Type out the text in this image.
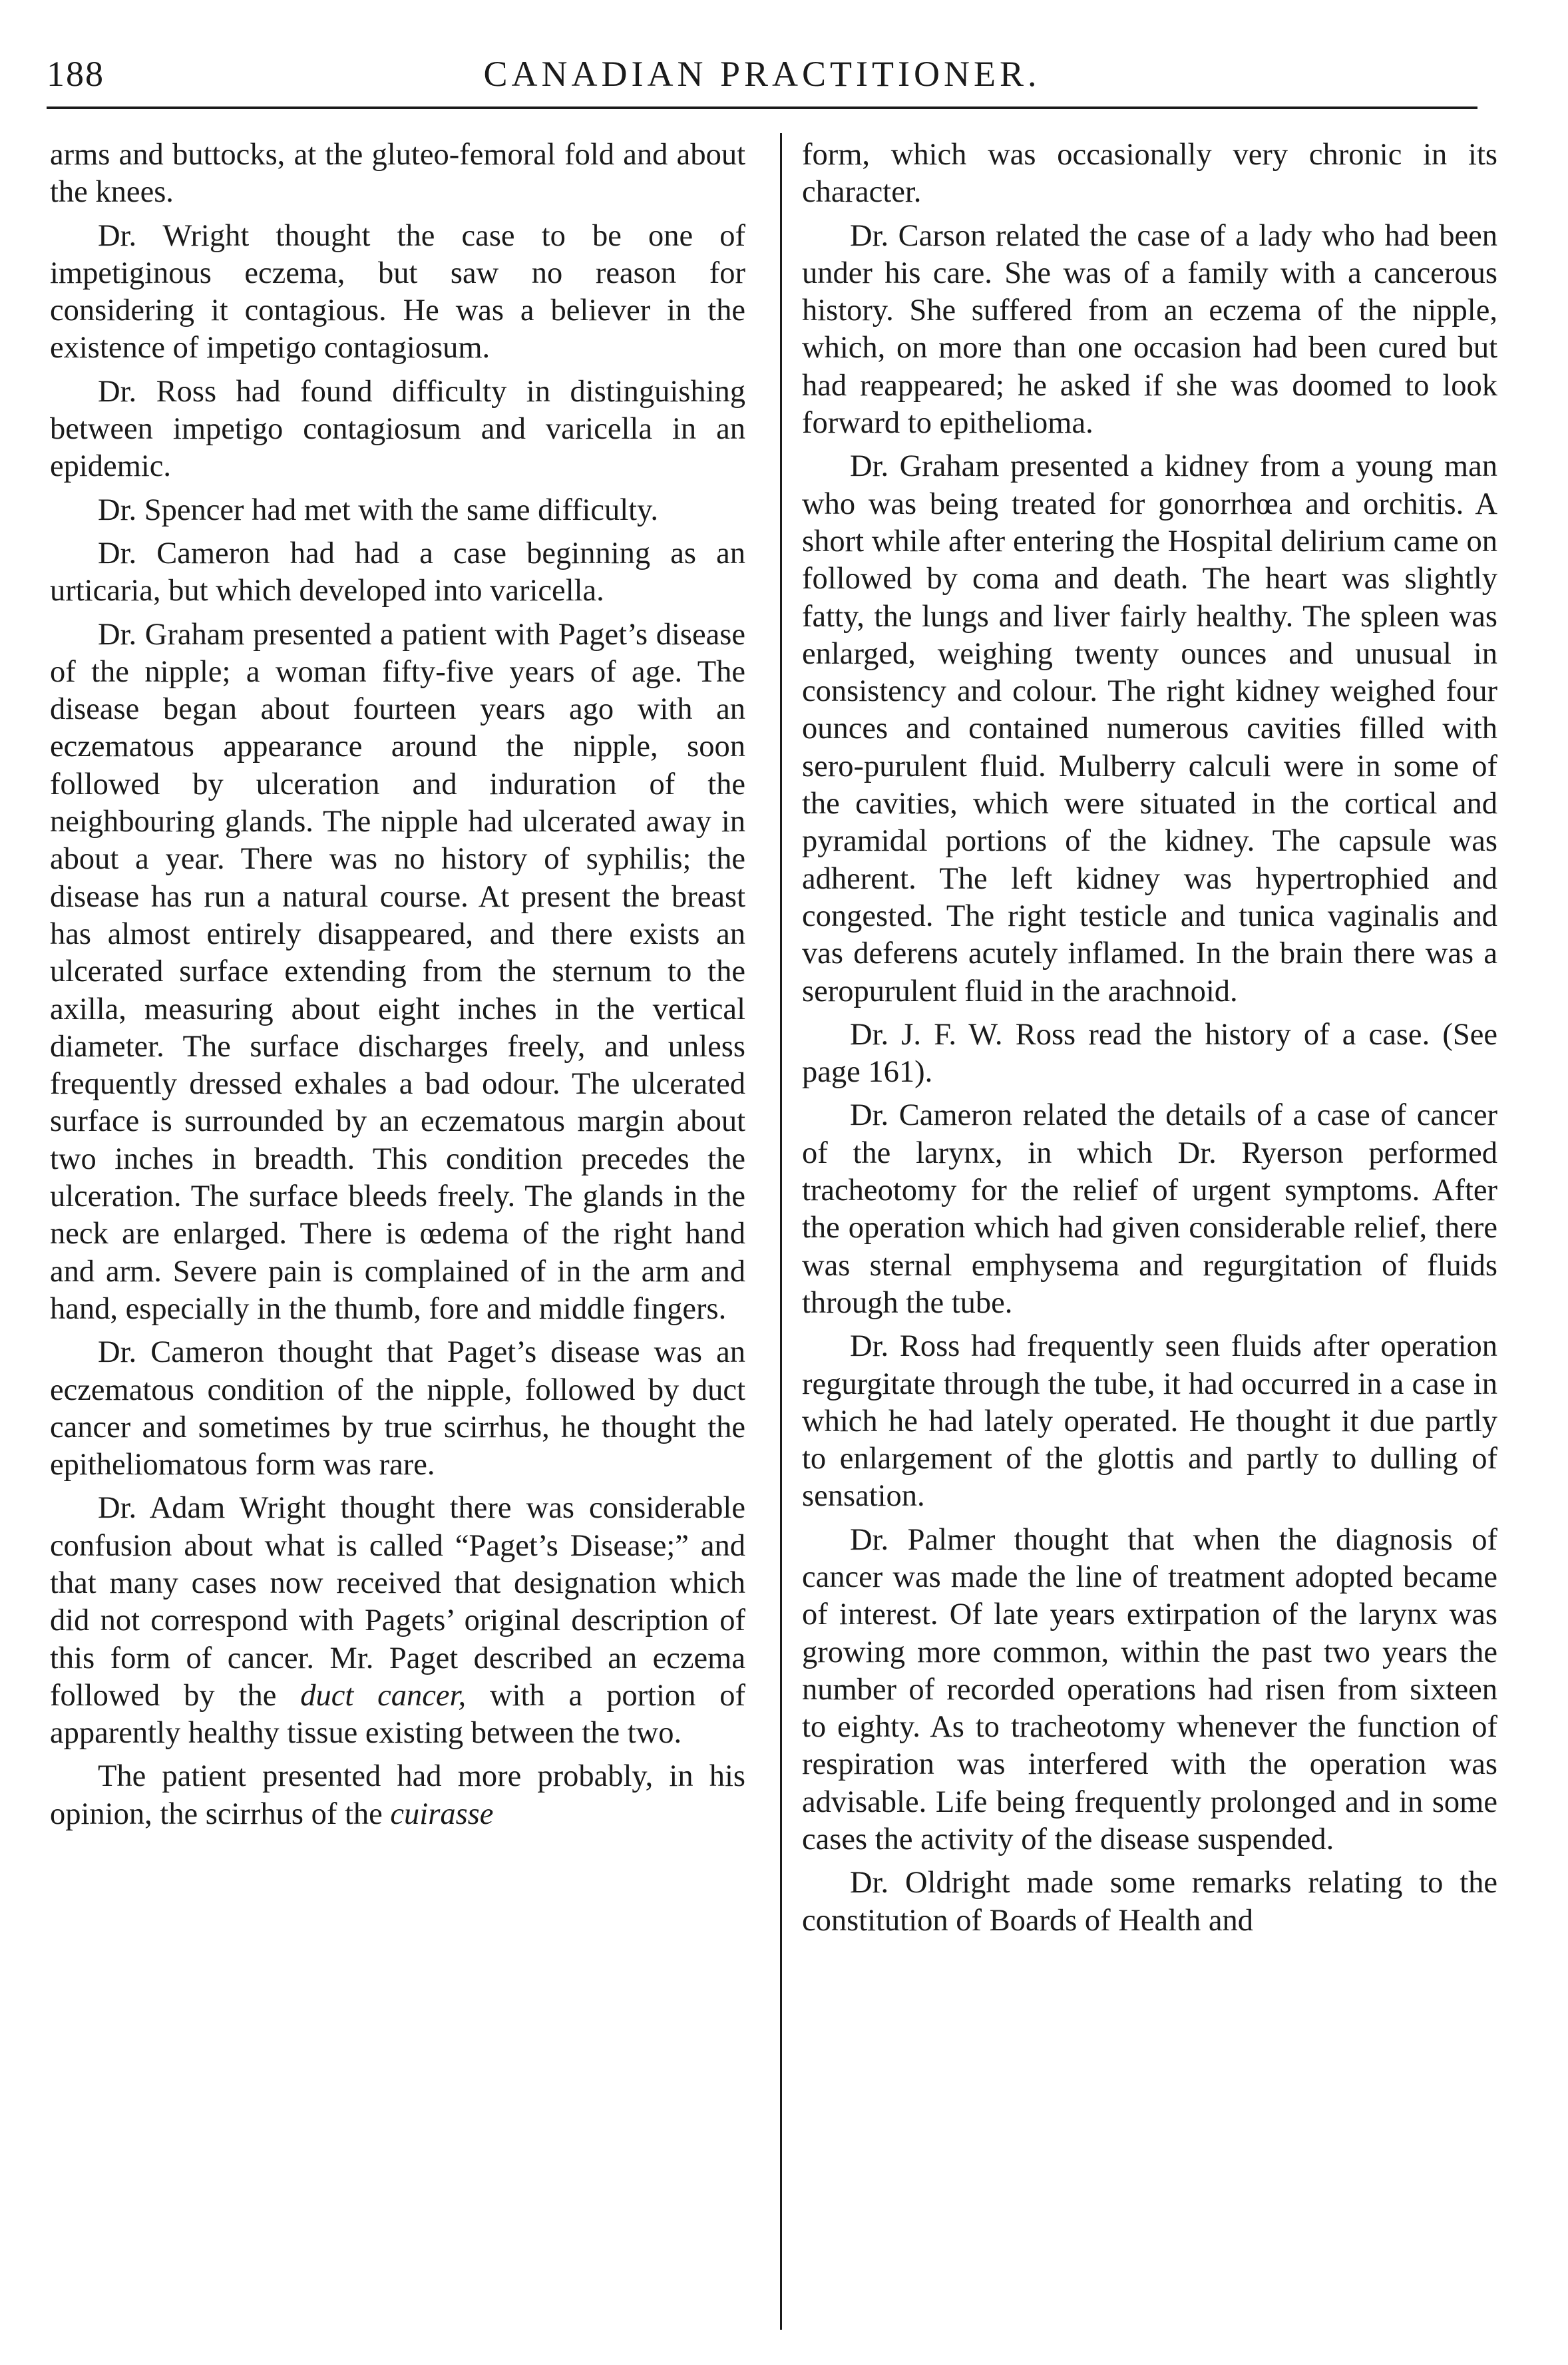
188	CANADIAN PRACTITIONER.

arms and buttocks, at the gluteo-femoral fold and about the knees.

Dr. Wright thought the case to be one of impetiginous eczema, but saw no reason for considering it contagious. He was a believer in the existence of impetigo contagiosum.

Dr. Ross had found difficulty in distinguishing between impetigo contagiosum and varicella in an epidemic.

Dr. Spencer had met with the same difficulty.

Dr. Cameron had had a case beginning as an urticaria, but which developed into varicella.

Dr. Graham presented a patient with Paget’s disease of the nipple; a woman fifty-five years of age. The disease began about fourteen years ago with an eczematous appearance around the nipple, soon followed by ulceration and induration of the neighbouring glands. The nipple had ulcerated away in about a year. There was no history of syphilis; the disease has run a natural course. At present the breast has almost entirely disappeared, and there exists an ulcerated surface extending from the sternum to the axilla, measuring about eight inches in the vertical diameter. The surface discharges freely, and unless frequently dressed exhales a bad odour. The ulcerated surface is surrounded by an eczematous margin about two inches in breadth. This condition precedes the ulceration. The surface bleeds freely. The glands in the neck are enlarged. There is œdema of the right hand and arm. Severe pain is complained of in the arm and hand, especially in the thumb, fore and middle fingers.

Dr. Cameron thought that Paget’s disease was an eczematous condition of the nipple, followed by duct cancer and sometimes by true scirrhus, he thought the epitheliomatous form was rare.

Dr. Adam Wright thought there was considerable confusion about what is called “Paget’s Disease;” and that many cases now received that designation which did not correspond with Pagets’ original description of this form of cancer. Mr. Paget described an eczema followed by the duct cancer, with a portion of apparently healthy tissue existing between the two.

The patient presented had more probably, in his opinion, the scirrhus of the cuirasse

form, which was occasionally very chronic in its character.

Dr. Carson related the case of a lady who had been under his care. She was of a family with a cancerous history. She suffered from an eczema of the nipple, which, on more than one occasion had been cured but had reappeared; he asked if she was doomed to look forward to epithelioma.

Dr. Graham presented a kidney from a young man who was being treated for gonorrhœa and orchitis. A short while after entering the Hospital delirium came on followed by coma and death. The heart was slightly fatty, the lungs and liver fairly healthy. The spleen was enlarged, weighing twenty ounces and unusual in consistency and colour. The right kidney weighed four ounces and contained numerous cavities filled with sero-purulent fluid. Mulberry calculi were in some of the cavities, which were situated in the cortical and pyramidal portions of the kidney. The capsule was adherent. The left kidney was hypertrophied and congested. The right testicle and tunica vaginalis and vas deferens acutely inflamed. In the brain there was a seropurulent fluid in the arachnoid.

Dr. J. F. W. Ross read the history of a case. (See page 161).

Dr. Cameron related the details of a case of cancer of the larynx, in which Dr. Ryerson performed tracheotomy for the relief of urgent symptoms. After the operation which had given considerable relief, there was sternal emphysema and regurgitation of fluids through the tube.

Dr. Ross had frequently seen fluids after operation regurgitate through the tube, it had occurred in a case in which he had lately operated. He thought it due partly to enlargement of the glottis and partly to dulling of sensation.

Dr. Palmer thought that when the diagnosis of cancer was made the line of treatment adopted became of interest. Of late years extirpation of the larynx was growing more common, within the past two years the number of recorded operations had risen from sixteen to eighty. As to tracheotomy whenever the function of respiration was interfered with the operation was advisable. Life being frequently prolonged and in some cases the activity of the disease suspended.

Dr. Oldright made some remarks relating to the constitution of Boards of Health and
